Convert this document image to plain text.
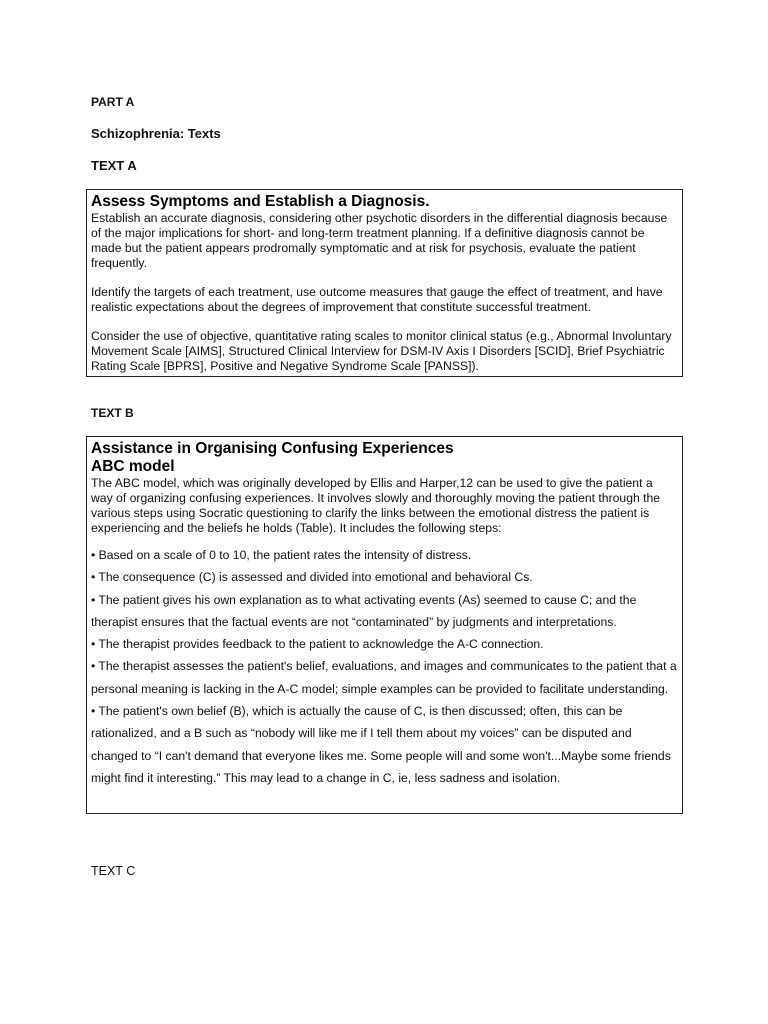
PART A

Schizophrenia: Texts

TEXT A

Assess Symptoms and Establish a Diagnosis.

Establish an accurate diagnosis, considering other psychotic disorders in the differential diagnosis because of the major implications for short- and long-term treatment planning. If a definitive diagnosis cannot be made but the patient appears prodromally symptomatic and at risk for psychosis, evaluate the patient frequently.

Identify the targets of each treatment, use outcome measures that gauge the effect of treatment, and have realistic expectations about the degrees of improvement that constitute successful treatment.

Consider the use of objective, quantitative rating scales to monitor clinical status (e.g., Abnormal Involuntary Movement Scale [AIMS], Structured Clinical Interview for DSM-IV Axis I Disorders [SCID], Brief Psychiatric Rating Scale [BPRS], Positive and Negative Syndrome Scale [PANSS]).

TEXT B

Assistance in Organising Confusing Experiences
ABC model

The ABC model, which was originally developed by Ellis and Harper,12 can be used to give the patient a way of organizing confusing experiences. It involves slowly and thoroughly moving the patient through the various steps using Socratic questioning to clarify the links between the emotional distress the patient is experiencing and the beliefs he holds (Table). It includes the following steps:

• Based on a scale of 0 to 10, the patient rates the intensity of distress.

• The consequence (C) is assessed and divided into emotional and behavioral Cs.

• The patient gives his own explanation as to what activating events (As) seemed to cause C; and the therapist ensures that the factual events are not “contaminated” by judgments and interpretations.

• The therapist provides feedback to the patient to acknowledge the A-C connection.

• The therapist assesses the patient's belief, evaluations, and images and communicates to the patient that a personal meaning is lacking in the A-C model; simple examples can be provided to facilitate understanding.

• The patient's own belief (B), which is actually the cause of C, is then discussed; often, this can be rationalized, and a B such as “nobody will like me if I tell them about my voices” can be disputed and changed to “I can't demand that everyone likes me. Some people will and some won't...Maybe some friends might find it interesting.” This may lead to a change in C, ie, less sadness and isolation.

TEXT C
